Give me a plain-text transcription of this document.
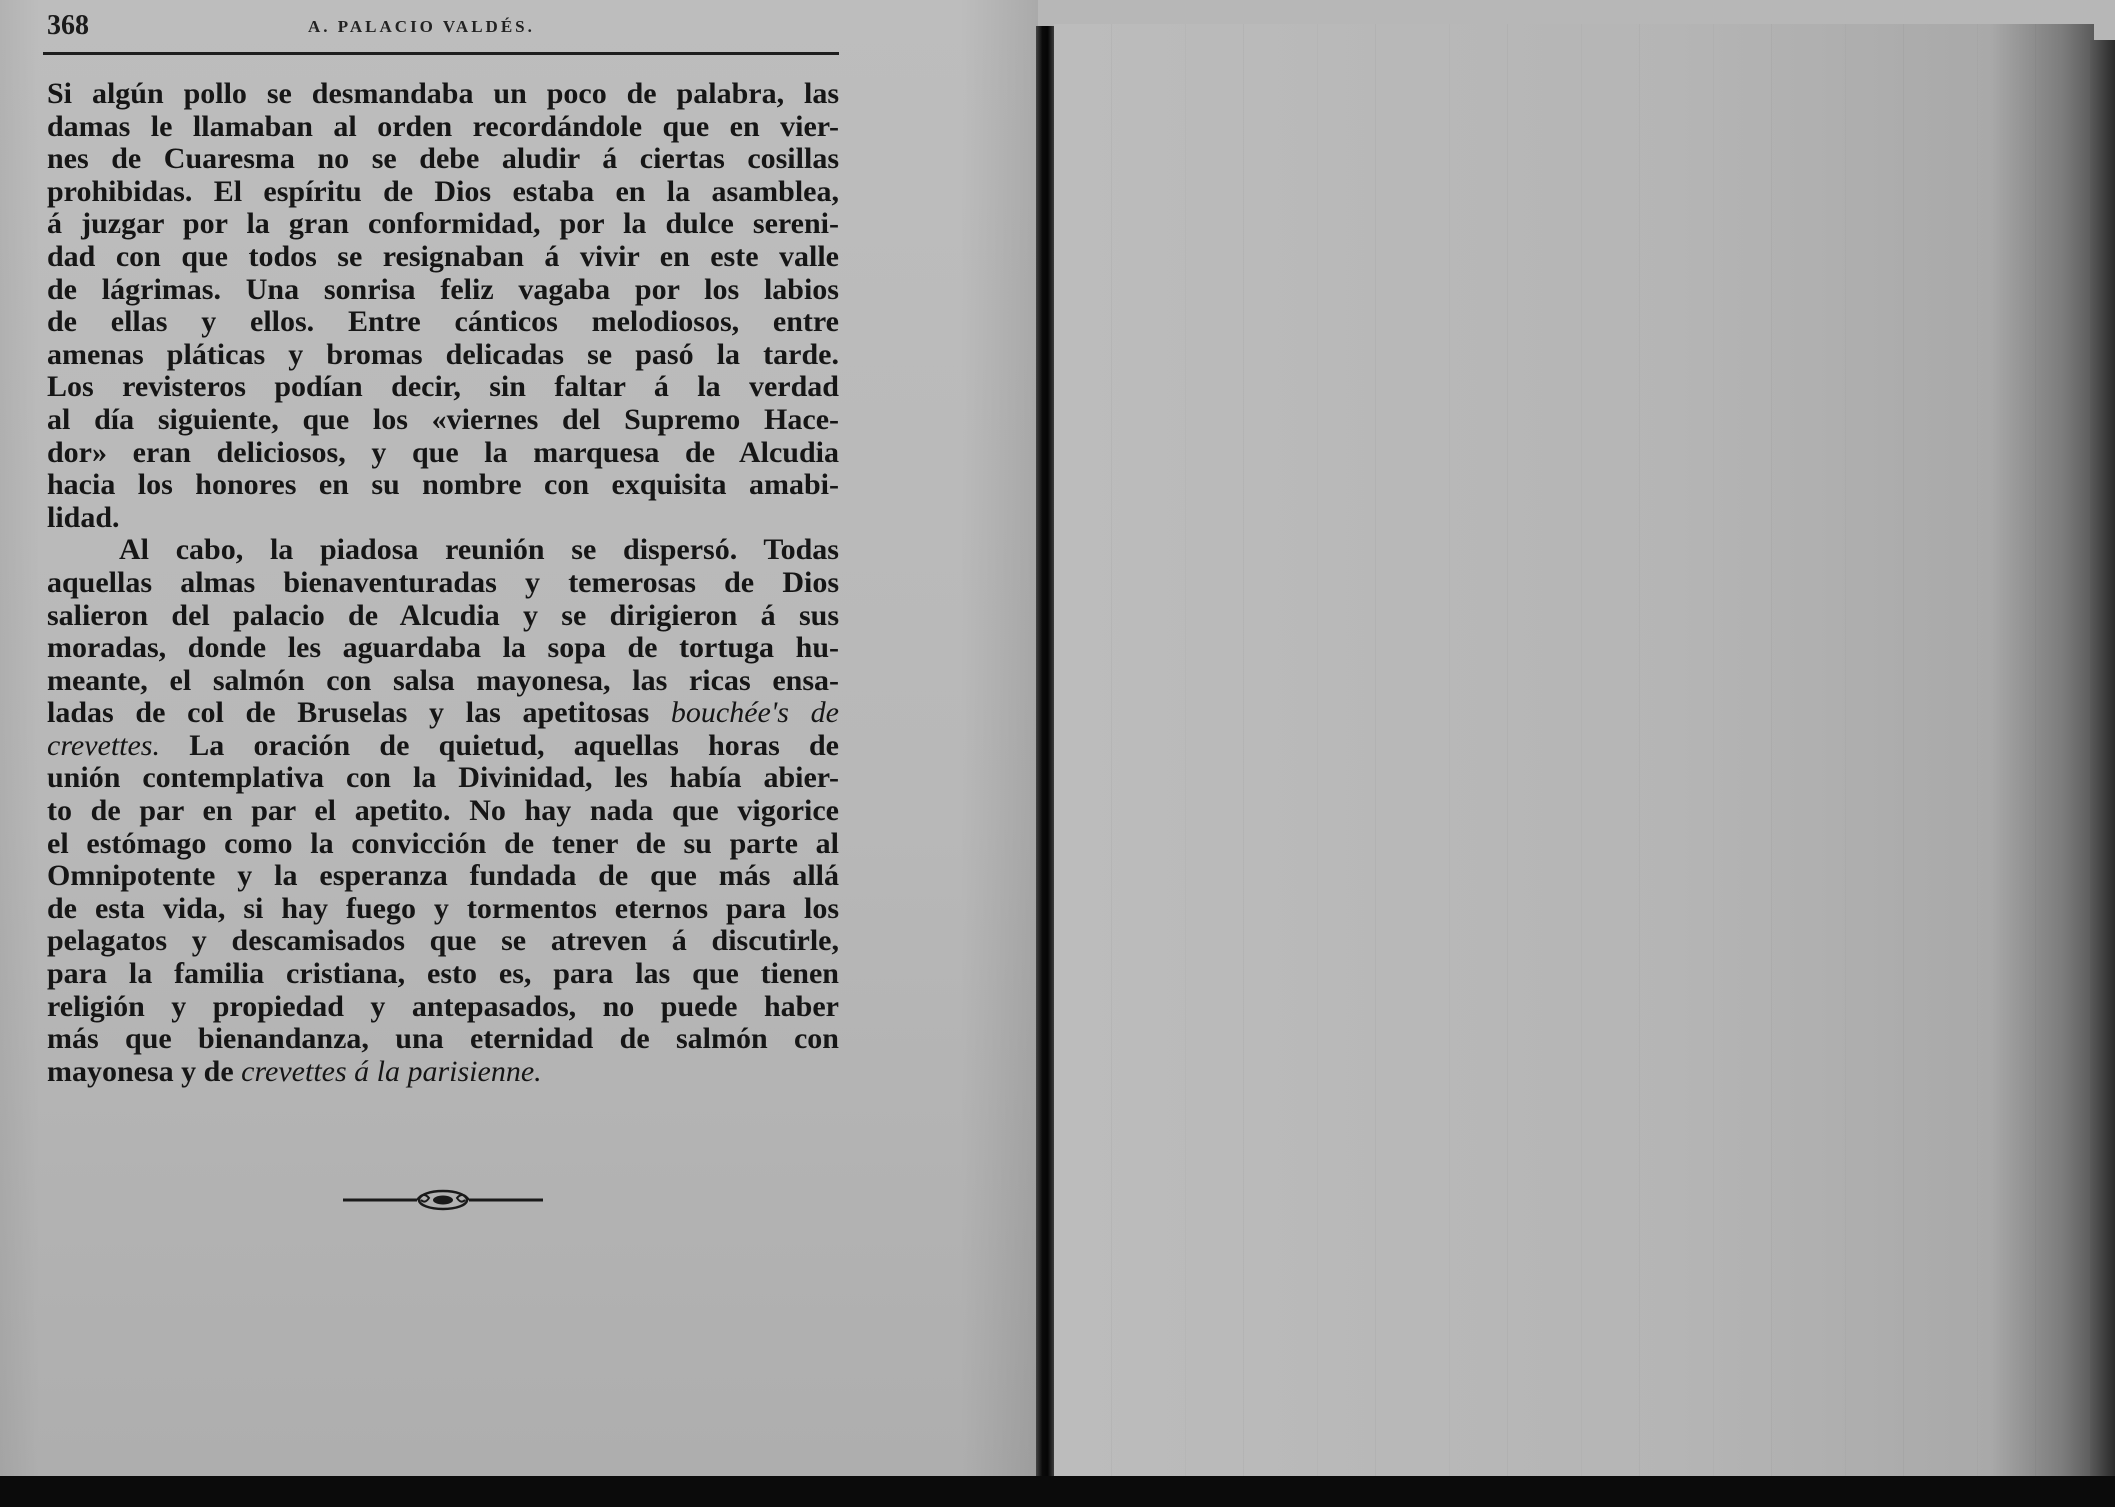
368	A. PALACIO VALDÉS.
Si algún pollo se desmandaba un poco de palabra, las
damas le llamaban al orden recordándole que en vier-
nes de Cuaresma no se debe aludir á ciertas cosillas
prohibidas. El espíritu de Dios estaba en la asamblea,
á juzgar por la gran conformidad, por la dulce sereni-
dad con que todos se resignaban á vivir en este valle
de lágrimas. Una sonrisa feliz vagaba por los labios
de ellas y ellos. Entre cánticos melodiosos, entre
amenas pláticas y bromas delicadas se pasó la tarde.
Los revisteros podían decir, sin faltar á la verdad
al día siguiente, que los «viernes del Supremo Hace-
dor» eran deliciosos, y que la marquesa de Alcudia
hacia los honores en su nombre con exquisita amabi-
lidad.
Al cabo, la piadosa reunión se dispersó. Todas
aquellas almas bienaventuradas y temerosas de Dios
salieron del palacio de Alcudia y se dirigieron á sus
moradas, donde les aguardaba la sopa de tortuga hu-
meante, el salmón con salsa mayonesa, las ricas ensa-
ladas de col de Bruselas y las apetitosas bouchée's de
crevettes. La oración de quietud, aquellas horas de
unión contemplativa con la Divinidad, les había abier-
to de par en par el apetito. No hay nada que vigorice
el estómago como la convicción de tener de su parte al
Omnipotente y la esperanza fundada de que más allá
de esta vida, si hay fuego y tormentos eternos para los
pelagatos y descamisados que se atreven á discutirle,
para la familia cristiana, esto es, para las que tienen
religión y propiedad y antepasados, no puede haber
más que bienandanza, una eternidad de salmón con
mayonesa y de crevettes á la parisienne.
